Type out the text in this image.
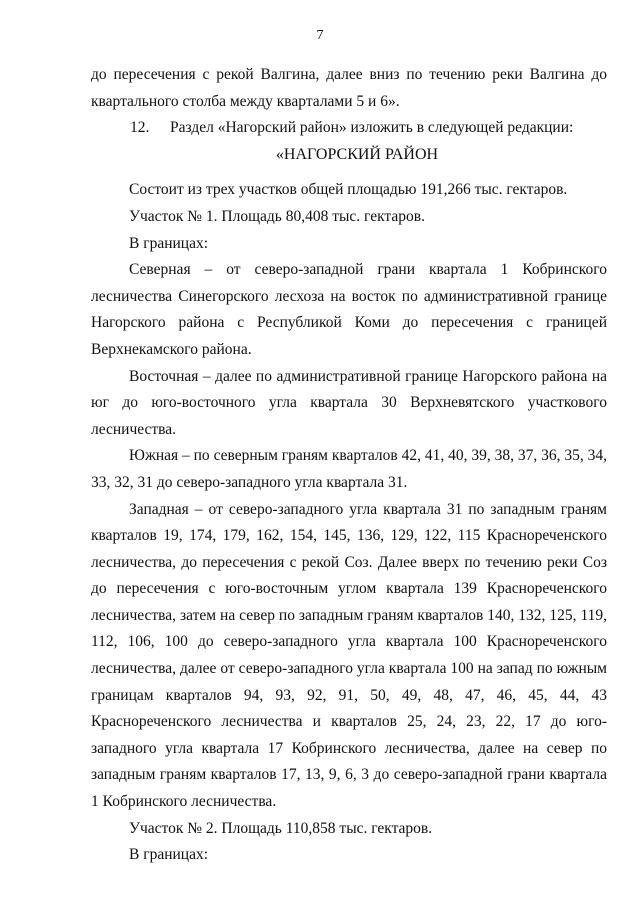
7

до пересечения с рекой Валгина, далее вниз по течению реки Валгина до квартального столба между кварталами 5 и 6».

12. Раздел «Нагорский район» изложить в следующей редакции:

«НАГОРСКИЙ РАЙОН

Состоит из трех участков общей площадью 191,266 тыс. гектаров.

Участок № 1. Площадь 80,408 тыс. гектаров.

В границах:

Северная – от северо-западной грани квартала 1 Кобринского лесничества Синегорского лесхоза на восток по административной границе Нагорского района с Республикой Коми до пересечения с границей Верхнекамского района.

Восточная – далее по административной границе Нагорского района на юг до юго-восточного угла квартала 30 Верхневятского участкового лесничества.

Южная – по северным граням кварталов 42, 41, 40, 39, 38, 37, 36, 35, 34, 33, 32, 31 до северо-западного угла квартала 31.

Западная – от северо-западного угла квартала 31 по западным граням кварталов 19, 174, 179, 162, 154, 145, 136, 129, 122, 115 Краснореченского лесничества, до пересечения с рекой Соз. Далее вверх по течению реки Соз до пересечения с юго-восточным углом квартала 139 Краснореченского лесничества, затем на север по западным граням кварталов 140, 132, 125, 119, 112, 106, 100 до северо-западного угла квартала 100 Краснореченского лесничества, далее от северо-западного угла квартала 100 на запад по южным границам кварталов 94, 93, 92, 91, 50, 49, 48, 47, 46, 45, 44, 43 Краснореченского лесничества и кварталов 25, 24, 23, 22, 17 до юго-западного угла квартала 17 Кобринского лесничества, далее на север по западным граням кварталов 17, 13, 9, 6, 3 до северо-западной грани квартала 1 Кобринского лесничества.

Участок № 2. Площадь 110,858 тыс. гектаров.

В границах:
